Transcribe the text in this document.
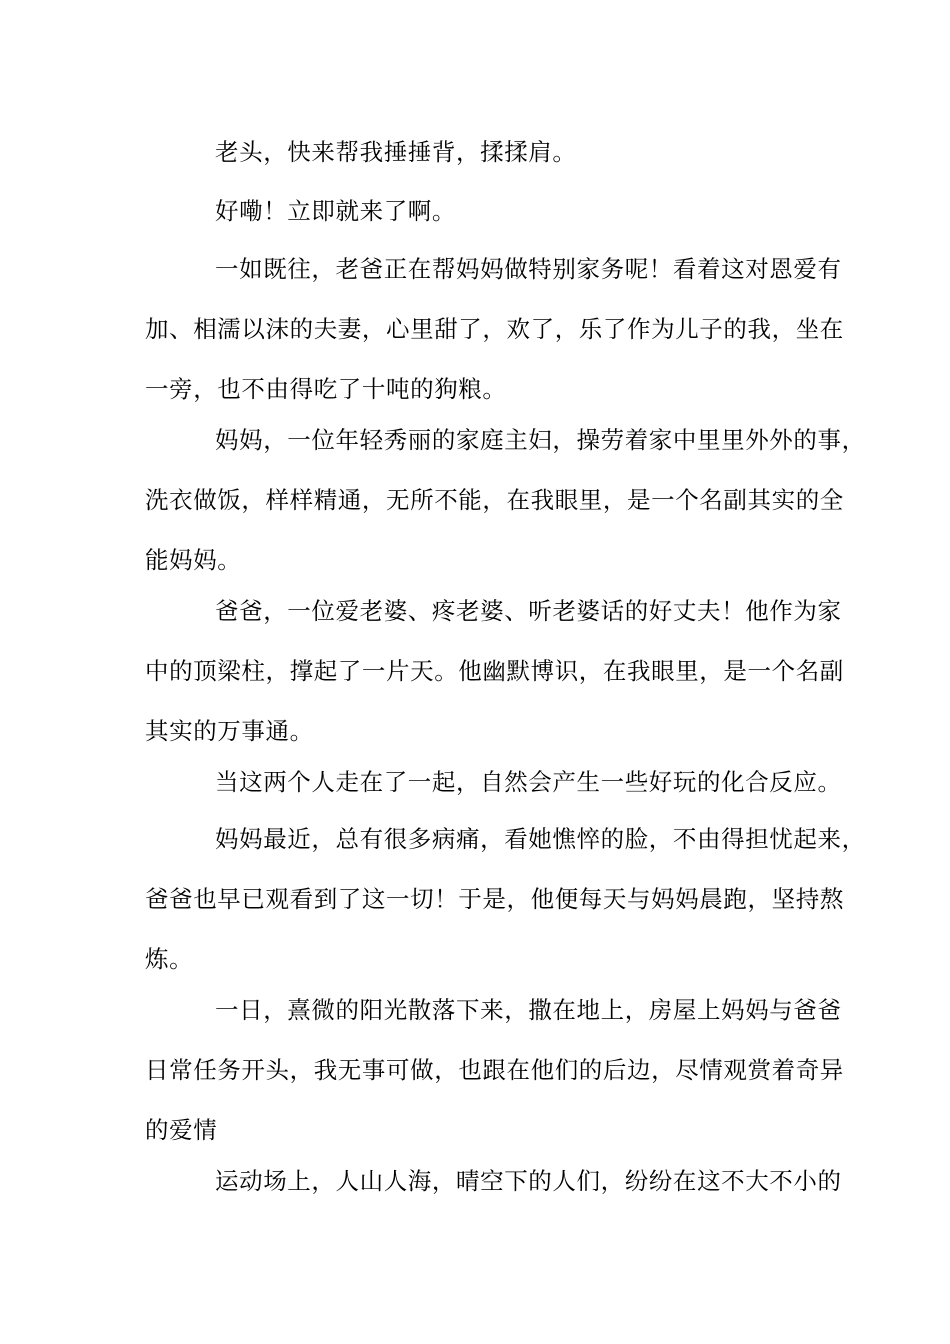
老头，快来帮我捶捶背，揉揉肩。

好嘞！立即就来了啊。

一如既往，老爸正在帮妈妈做特别家务呢！看着这对恩爱有
加、相濡以沫的夫妻，心里甜了，欢了，乐了作为儿子的我，坐在
一旁，也不由得吃了十吨的狗粮。

妈妈，一位年轻秀丽的家庭主妇，操劳着家中里里外外的事，
洗衣做饭，样样精通，无所不能，在我眼里，是一个名副其实的全
能妈妈。

爸爸，一位爱老婆、疼老婆、听老婆话的好丈夫！他作为家
中的顶梁柱，撑起了一片天。他幽默博识，在我眼里，是一个名副
其实的万事通。

当这两个人走在了一起，自然会产生一些好玩的化合反应。

妈妈最近，总有很多病痛，看她憔悴的脸，不由得担忧起来，
爸爸也早已观看到了这一切！于是，他便每天与妈妈晨跑，坚持熬
炼。

一日，熹微的阳光散落下来，撒在地上，房屋上妈妈与爸爸
日常任务开头，我无事可做，也跟在他们的后边，尽情观赏着奇异
的爱情

运动场上，人山人海，晴空下的人们，纷纷在这不大不小的
